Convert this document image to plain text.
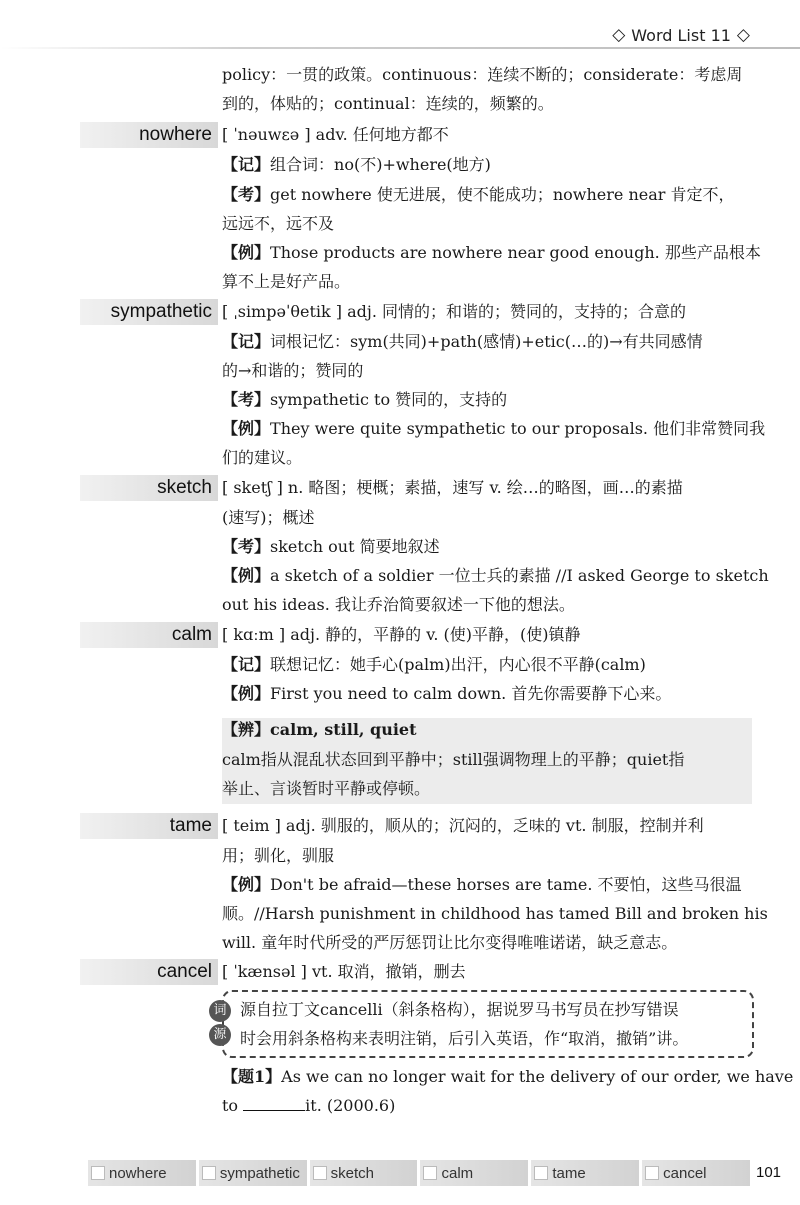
◇ Word List 11 ◇

policy：一贯的政策。continuous：连续不断的；considerate：考虑周

到的，体贴的；continual：连续的，频繁的。

nowhere [ ˈnəuwεə ] adv. 任何地方都不
【记】组合词：no(不)+where(地方)
【考】get nowhere 使无进展，使不能成功；nowhere near 肯定不，
远远不，远不及
【例】Those products are nowhere near good enough. 那些产品根本
算不上是好产品。
sympathetic [ ˌsimpəˈθetik ] adj. 同情的；和谐的；赞同的，支持的；合意的
【记】词根记忆：sym(共同)+path(感情)+etic(…的)→有共同感情
的→和谐的；赞同的
【考】sympathetic to 赞同的，支持的
【例】They were quite sympathetic to our proposals. 他们非常赞同我
们的建议。
sketch [ sketʃ ] n. 略图；梗概；素描，速写 v. 绘…的略图，画…的素描
(速写)；概述
【考】sketch out 简要地叙述
【例】a sketch of a soldier 一位士兵的素描 //I asked George to sketch
out his ideas. 我让乔治简要叙述一下他的想法。
calm [ kɑːm ] adj. 静的，平静的 v. (使)平静，(使)镇静
【记】联想记忆：她手心(palm)出汗，内心很不平静(calm)
【例】First you need to calm down. 首先你需要静下心来。
【辨】calm, still, quiet
calm指从混乱状态回到平静中；still强调物理上的平静；quiet指
举止、言谈暂时平静或停顿。
tame [ teim ] adj. 驯服的，顺从的；沉闷的，乏味的 vt. 制服，控制并利
用；驯化，驯服
【例】Don't be afraid—these horses are tame. 不要怕，这些马很温
顺。//Harsh punishment in childhood has tamed Bill and broken his
will. 童年时代所受的严厉惩罚让比尔变得唯唯诺诺，缺乏意志。
cancel [ ˈkænsəl ] vt. 取消，撤销，删去
词
源
源自拉丁文cancelli（斜条格构），据说罗马书写员在抄写错误
时会用斜条格构来表明注销，后引入英语，作“取消，撤销”讲。
【题1】As we can no longer wait for the delivery of our order, we have
to	it. (2000.6)
nowhere	sympathetic sketch	calm	tame	cancel	101
